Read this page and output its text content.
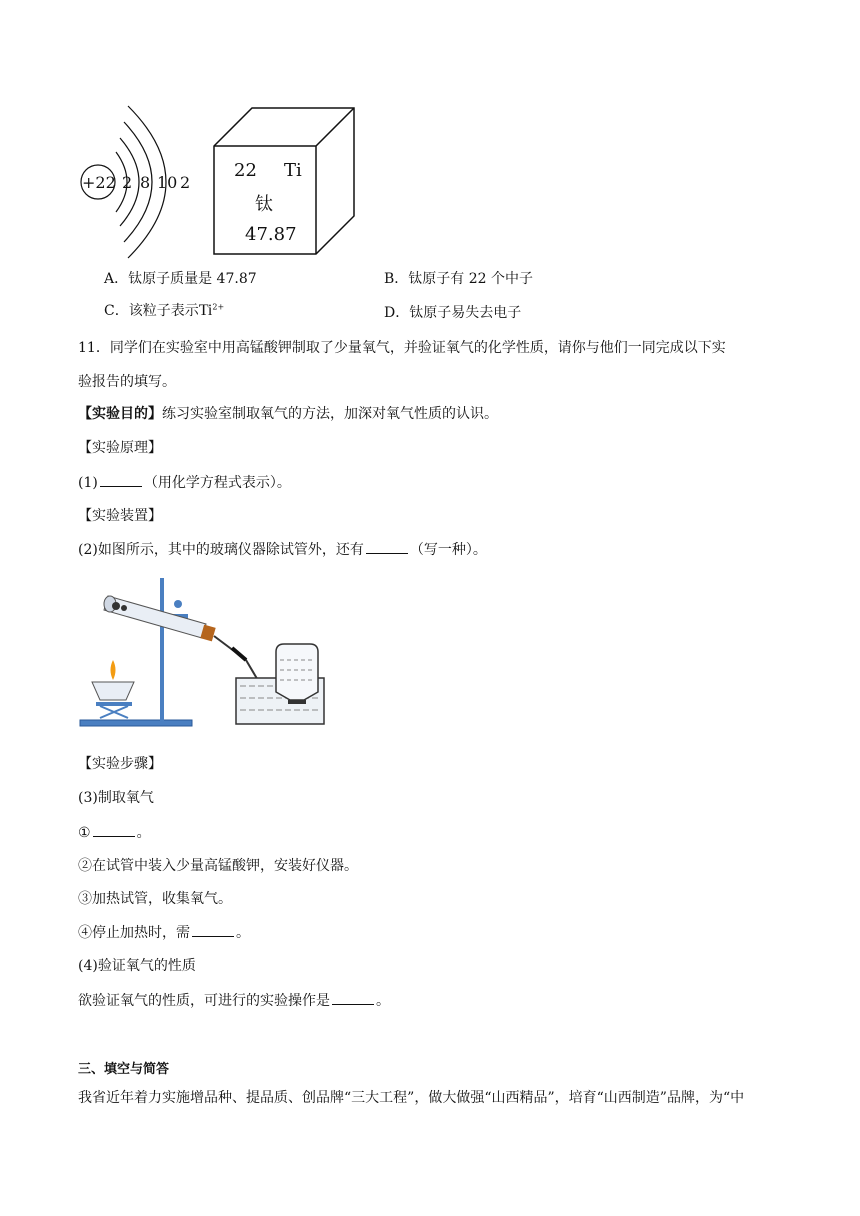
+22 2 8 10 2
22 Ti
钛
47.87
A．钛原子质量是 47.87	B．钛原子有 22 个中子
C．该粒子表示$Ti^{2+}$	D．钛原子易失去电子
11．同学们在实验室中用高锰酸钾制取了少量氧气，并验证氧气的化学性质，请你与他们一同完成以下实
验报告的填写。
【实验目的】练习实验室制取氧气的方法，加深对氧气性质的认识。
【实验原理】
(1)	（用化学方程式表示）。
【实验装置】
(2)如图所示，其中的玻璃仪器除试管外，还有	（写一种）。
【实验步骤】
(3)制取氧气
①	。
②在试管中装入少量高锰酸钾，安装好仪器。
③加热试管，收集氧气。
④停止加热时，需	。
(4)验证氧气的性质
欲验证氧气的性质，可进行的实验操作是	。
三、填空与简答
我省近年着力实施增品种、提品质、创品牌“三大工程”，做大做强“山西精品”，培育“山西制造”品牌，为“中
